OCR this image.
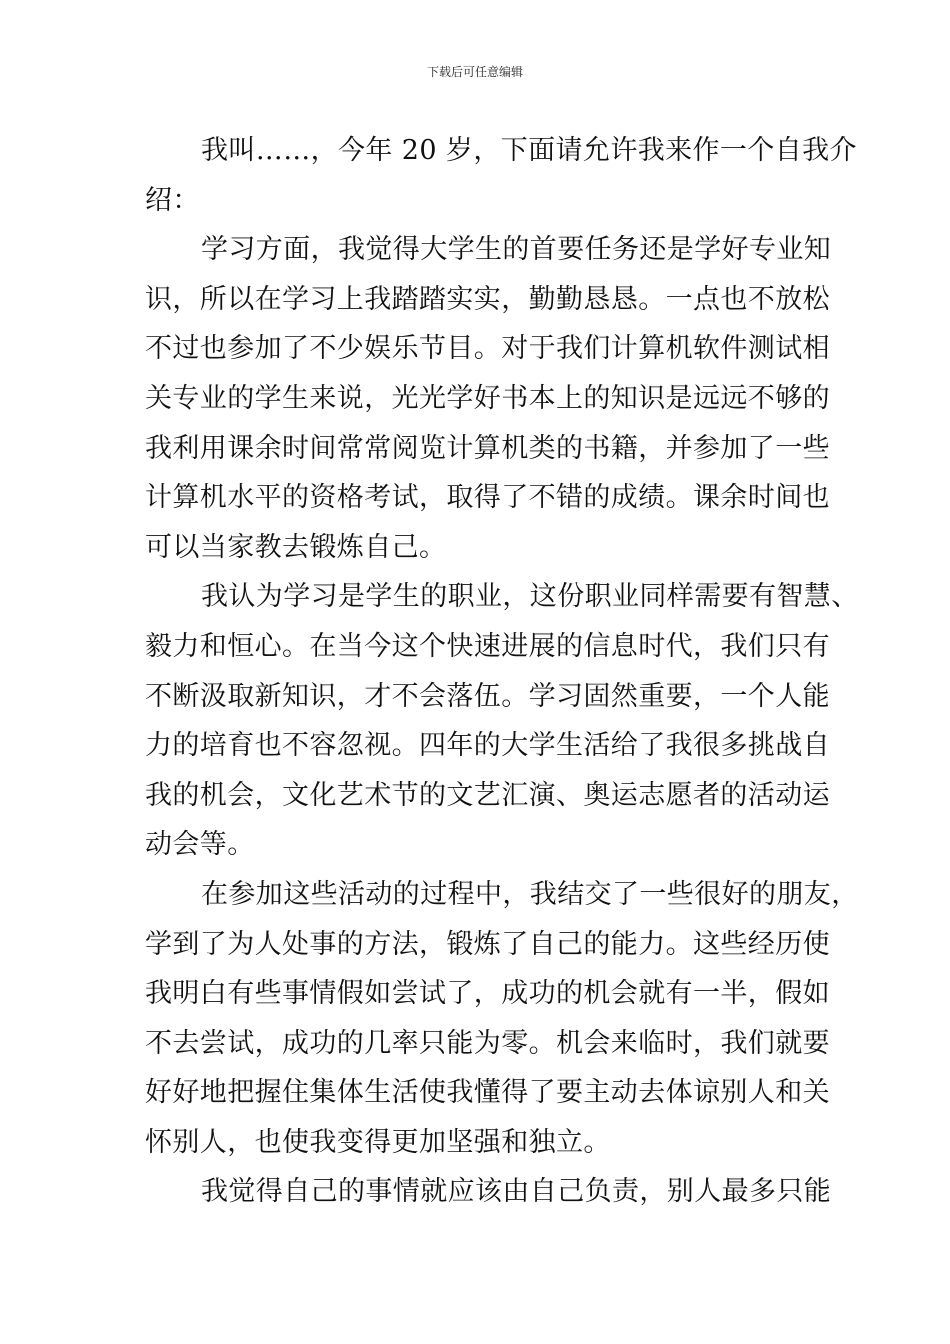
下载后可任意编辑
我叫……，今年 20 岁，下面请允许我来作一个自我介
绍：
学习方面，我觉得大学生的首要任务还是学好专业知
识，所以在学习上我踏踏实实，勤勤恳恳。一点也不放松
不过也参加了不少娱乐节目。对于我们计算机软件测试相
关专业的学生来说，光光学好书本上的知识是远远不够的
我利用课余时间常常阅览计算机类的书籍，并参加了一些
计算机水平的资格考试，取得了不错的成绩。课余时间也
可以当家教去锻炼自己。
我认为学习是学生的职业，这份职业同样需要有智慧、
毅力和恒心。在当今这个快速进展的信息时代，我们只有
不断汲取新知识，才不会落伍。学习固然重要，一个人能
力的培育也不容忽视。四年的大学生活给了我很多挑战自
我的机会，文化艺术节的文艺汇演、奥运志愿者的活动运
动会等。
在参加这些活动的过程中，我结交了一些很好的朋友，
学到了为人处事的方法，锻炼了自己的能力。这些经历使
我明白有些事情假如尝试了，成功的机会就有一半，假如
不去尝试，成功的几率只能为零。机会来临时，我们就要
好好地把握住集体生活使我懂得了要主动去体谅别人和关
怀别人，也使我变得更加坚强和独立。
我觉得自己的事情就应该由自己负责，别人最多只能
